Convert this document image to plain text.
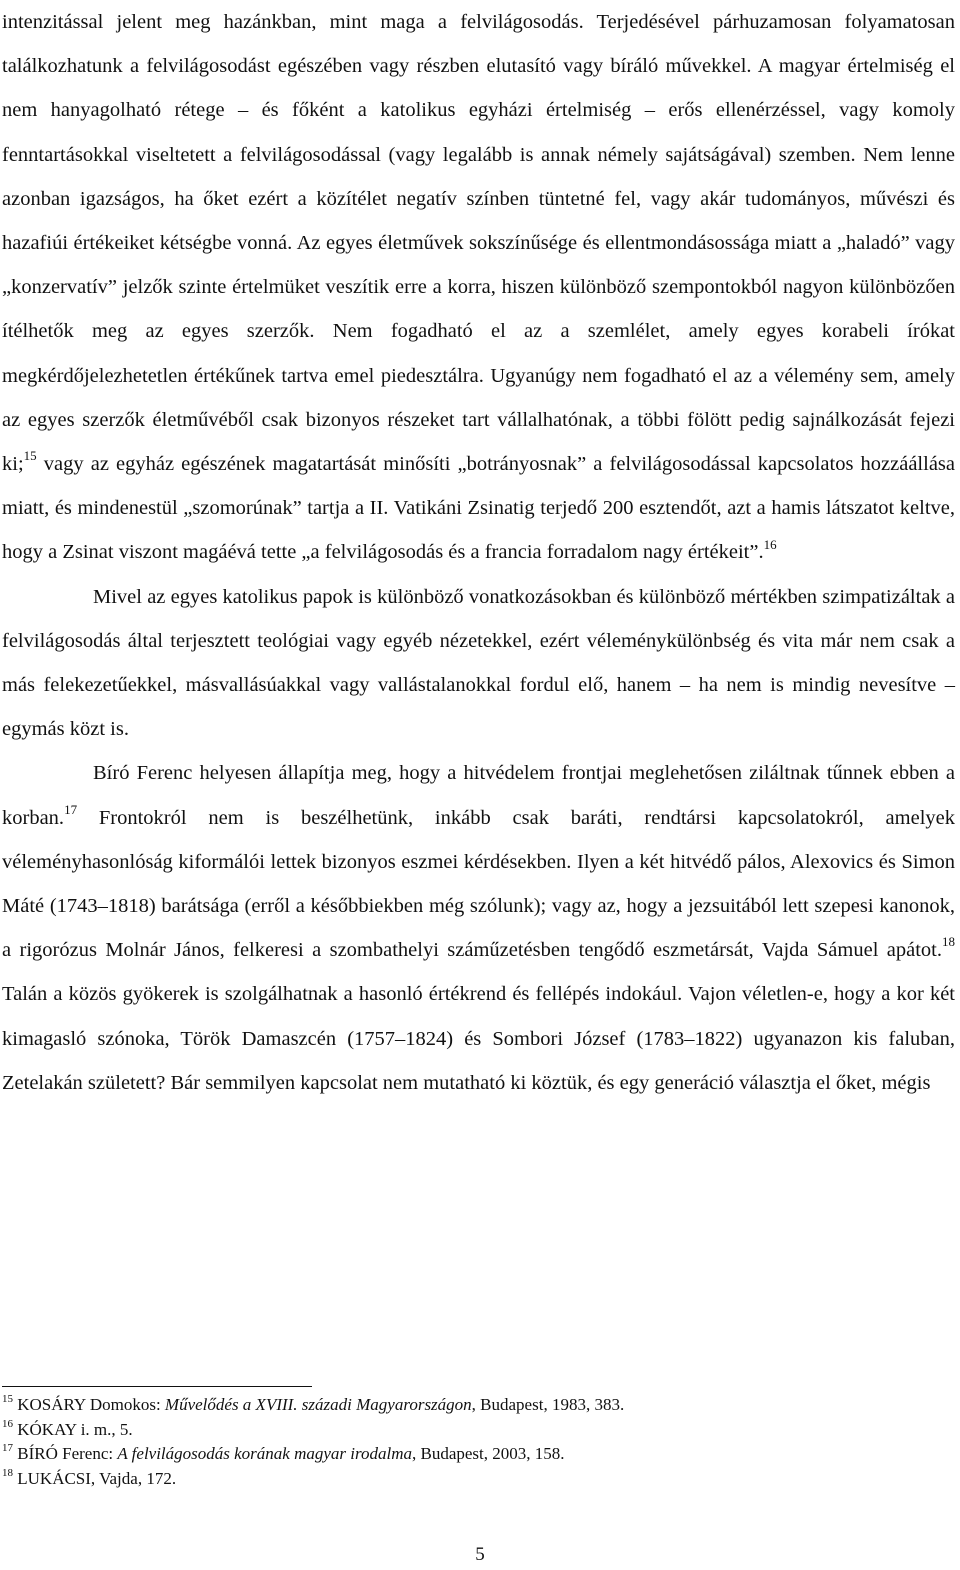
intenzitással jelent meg hazánkban, mint maga a felvilágosodás. Terjedésével párhuzamosan folyamatosan találkozhatunk a felvilágosodást egészében vagy részben elutasító vagy bíráló művekkel. A magyar értelmiség el nem hanyagolható rétege – és főként a katolikus egyházi értelmiség – erős ellenérzéssel, vagy komoly fenntartásokkal viseltetett a felvilágosodással (vagy legalább is annak némely sajátságával) szemben. Nem lenne azonban igazságos, ha őket ezért a közítélet negatív színben tüntetné fel, vagy akár tudományos, művészi és hazafiúi értékeiket kétségbe vonná. Az egyes életművek sokszínűsége és ellentmondásossága miatt a „haladó” vagy „konzervatív” jelzők szinte értelmüket veszítik erre a korra, hiszen különböző szempontokból nagyon különbözően ítélhetők meg az egyes szerzők. Nem fogadható el az a szemlélet, amely egyes korabeli írókat megkérdőjelezhetetlen értékűnek tartva emel piedesztálra. Ugyanúgy nem fogadható el az a vélemény sem, amely az egyes szerzők életművéből csak bizonyos részeket tart vállalhatónak, a többi fölött pedig sajnálkozását fejezi ki;$^{15}$ vagy az egyház egészének magatartását minősíti „botrányosnak” a felvilágosodással kapcsolatos hozzáállása miatt, és mindenestül „szomorúnak” tartja a II. Vatikáni Zsinatig terjedő 200 esztendőt, azt a hamis látszatot keltve, hogy a Zsinat viszont magáévá tette „a felvilágosodás és a francia forradalom nagy értékeit”.$^{16}$

Mivel az egyes katolikus papok is különböző vonatkozásokban és különböző mértékben szimpatizáltak a felvilágosodás által terjesztett teológiai vagy egyéb nézetekkel, ezért véleménykülönbség és vita már nem csak a más felekezetűekkel, másvallásúakkal vagy vallástalanokkal fordul elő, hanem – ha nem is mindig nevesítve – egymás közt is.

Bíró Ferenc helyesen állapítja meg, hogy a hitvédelem frontjai meglehetősen ziláltnak tűnnek ebben a korban.$^{17}$ Frontokról nem is beszélhetünk, inkább csak baráti, rendtársi kapcsolatokról, amelyek véleményhasonlóság kiformálói lettek bizonyos eszmei kérdésekben. Ilyen a két hitvédő pálos, Alexovics és Simon Máté (1743–1818) barátsága (erről a későbbiekben még szólunk); vagy az, hogy a jezsuitából lett szepesi kanonok, a rigorózus Molnár János, felkeresi a szombathelyi száműzetésben tengődő eszmetársát, Vajda Sámuel apátot.$^{18}$ Talán a közös gyökerek is szolgálhatnak a hasonló értékrend és fellépés indokául. Vajon véletlen-e, hogy a kor két kimagasló szónoka, Török Damaszcén (1757–1824) és Sombori József (1783–1822) ugyanazon kis faluban, Zetelakán született? Bár semmilyen kapcsolat nem mutatható ki köztük, és egy generáció választja el őket, mégis

$^{15}$ KOSÁRY Domokos: Művelődés a XVIII. századi Magyarországon, Budapest, 1983, 383.
$^{16}$ KÓKAY i. m., 5.
$^{17}$ BÍRÓ Ferenc: A felvilágosodás korának magyar irodalma, Budapest, 2003, 158.
$^{18}$ LUKÁCSI, Vajda, 172.
5
